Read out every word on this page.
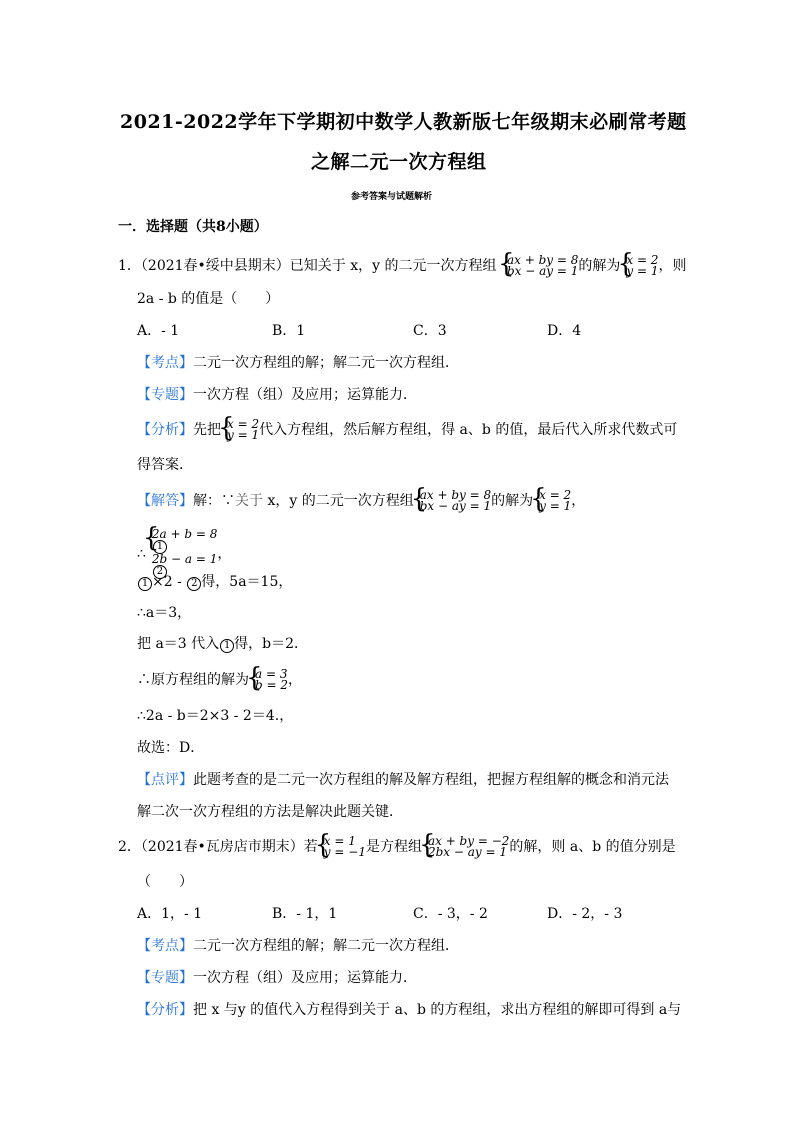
2021-2022学年下学期初中数学人教新版七年级期末必刷常考题
之解二元一次方程组
参考答案与试题解析
一．选择题（共8小题）
1．（2021春•绥中县期末）已知关于 x，y 的二元一次方程组 { ax + by = 8
bx − ay = 1 的解为 { x = 2
y = 1 ，则
2a - b 的值是（　　）
A．- 1	B．1	C．3	D．4
【考点】二元一次方程组的解；解二元一次方程组．
【专题】一次方程（组）及应用；运算能力．
【分析】先把 { x = 2
y = 1 代入方程组，然后解方程组，得 a、b 的值，最后代入所求代数式可
得答案．
【解答】解：∵关于 x，y 的二元一次方程组 { ax + by = 8
bx − ay = 1 的解为 { x = 2
y = 1 ，
∴
{ 2a + b = 8
1
2b − a = 1
2
，
1 ×2 - 2 得，5a＝15，
∴a＝3，
把 a＝3 代入 1 得，b＝2．
∴原方程组的解为 { a = 3
b = 2 ，
∴2a - b＝2×3 - 2＝4.，
故选：D．
【点评】此题考查的是二元一次方程组的解及解方程组，把握方程组解的概念和消元法
解二次一次方程组的方法是解决此题关键．
2．（2021春•瓦房店市期末）若 { x = 1
y = −1 是方程组 { ax + by = −2
2bx − ay = 1 的解，则 a、b 的值分别是
（　　）
A．1，- 1	B．- 1，1	C．- 3，- 2	D．- 2，- 3
【考点】二元一次方程组的解；解二元一次方程组．
【专题】一次方程（组）及应用；运算能力．
【分析】把 x 与y 的值代入方程得到关于 a、b 的方程组，求出方程组的解即可得到 a与
